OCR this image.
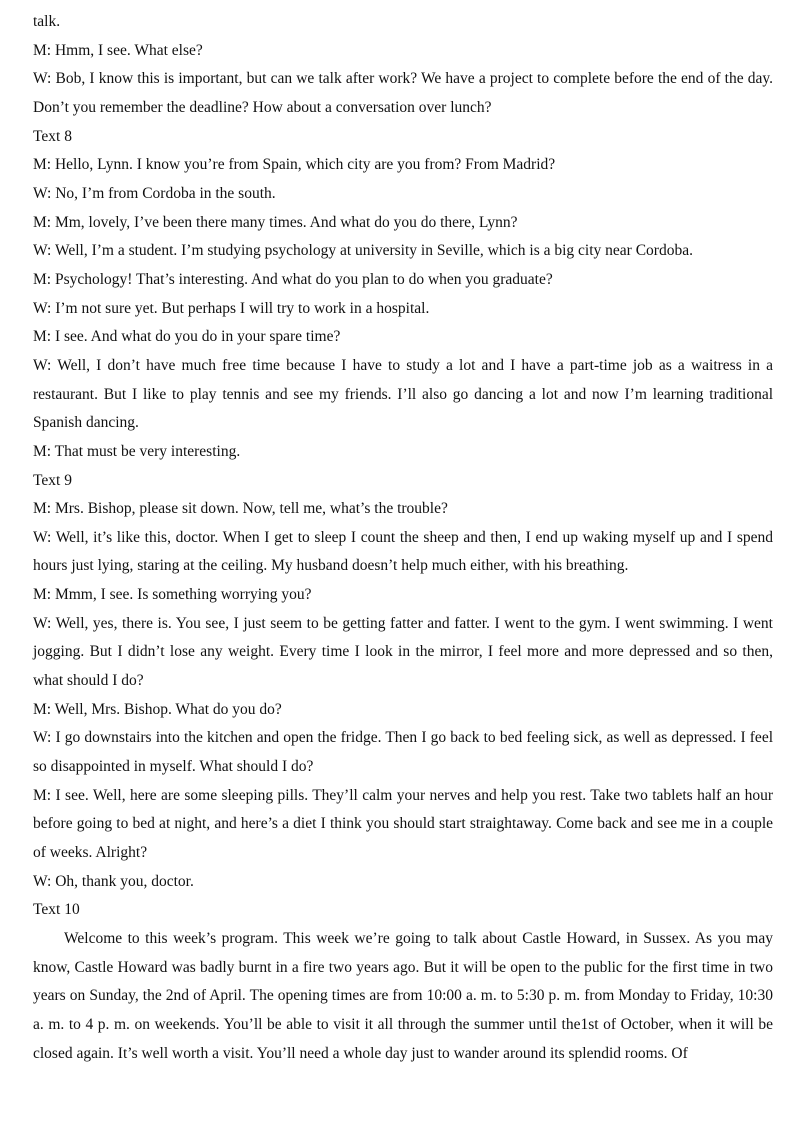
talk.

M: Hmm, I see. What else?

W: Bob, I know this is important, but can we talk after work? We have a project to complete before the end of the day. Don’t you remember the deadline? How about a conversation over lunch?

Text 8

M: Hello, Lynn. I know you’re from Spain, which city are you from? From Madrid?

W: No, I’m from Cordoba in the south.

M: Mm, lovely, I’ve been there many times. And what do you do there, Lynn?

W: Well, I’m a student. I’m studying psychology at university in Seville, which is a big city near Cordoba.

M: Psychology! That’s interesting. And what do you plan to do when you graduate?

W: I’m not sure yet. But perhaps I will try to work in a hospital.

M: I see. And what do you do in your spare time?

W: Well, I don’t have much free time because I have to study a lot and I have a part-time job as a waitress in a restaurant. But I like to play tennis and see my friends. I’ll also go dancing a lot and now I’m learning traditional Spanish dancing.

M: That must be very interesting.

Text 9

M: Mrs. Bishop, please sit down. Now, tell me, what’s the trouble?

W: Well, it’s like this, doctor. When I get to sleep I count the sheep and then, I end up waking myself up and I spend hours just lying, staring at the ceiling. My husband doesn’t help much either, with his breathing.

M: Mmm, I see. Is something worrying you?

W: Well, yes, there is. You see, I just seem to be getting fatter and fatter. I went to the gym. I went swimming. I went jogging. But I didn’t lose any weight. Every time I look in the mirror, I feel more and more depressed and so then, what should I do?

M: Well, Mrs. Bishop. What do you do?

W: I go downstairs into the kitchen and open the fridge. Then I go back to bed feeling sick, as well as depressed. I feel so disappointed in myself. What should I do?

M: I see. Well, here are some sleeping pills. They’ll calm your nerves and help you rest. Take two tablets half an hour before going to bed at night, and here’s a diet I think you should start straightaway. Come back and see me in a couple of weeks. Alright?

W: Oh, thank you, doctor.

Text 10

Welcome to this week’s program. This week we’re going to talk about Castle Howard, in Sussex. As you may know, Castle Howard was badly burnt in a fire two years ago. But it will be open to the public for the first time in two years on Sunday, the 2nd of April. The opening times are from 10:00 a. m. to 5:30 p. m. from Monday to Friday, 10:30 a. m. to 4 p. m. on weekends. You’ll be able to visit it all through the summer until the1st of October, when it will be closed again. It’s well worth a visit. You’ll need a whole day just to wander around its splendid rooms. Of
